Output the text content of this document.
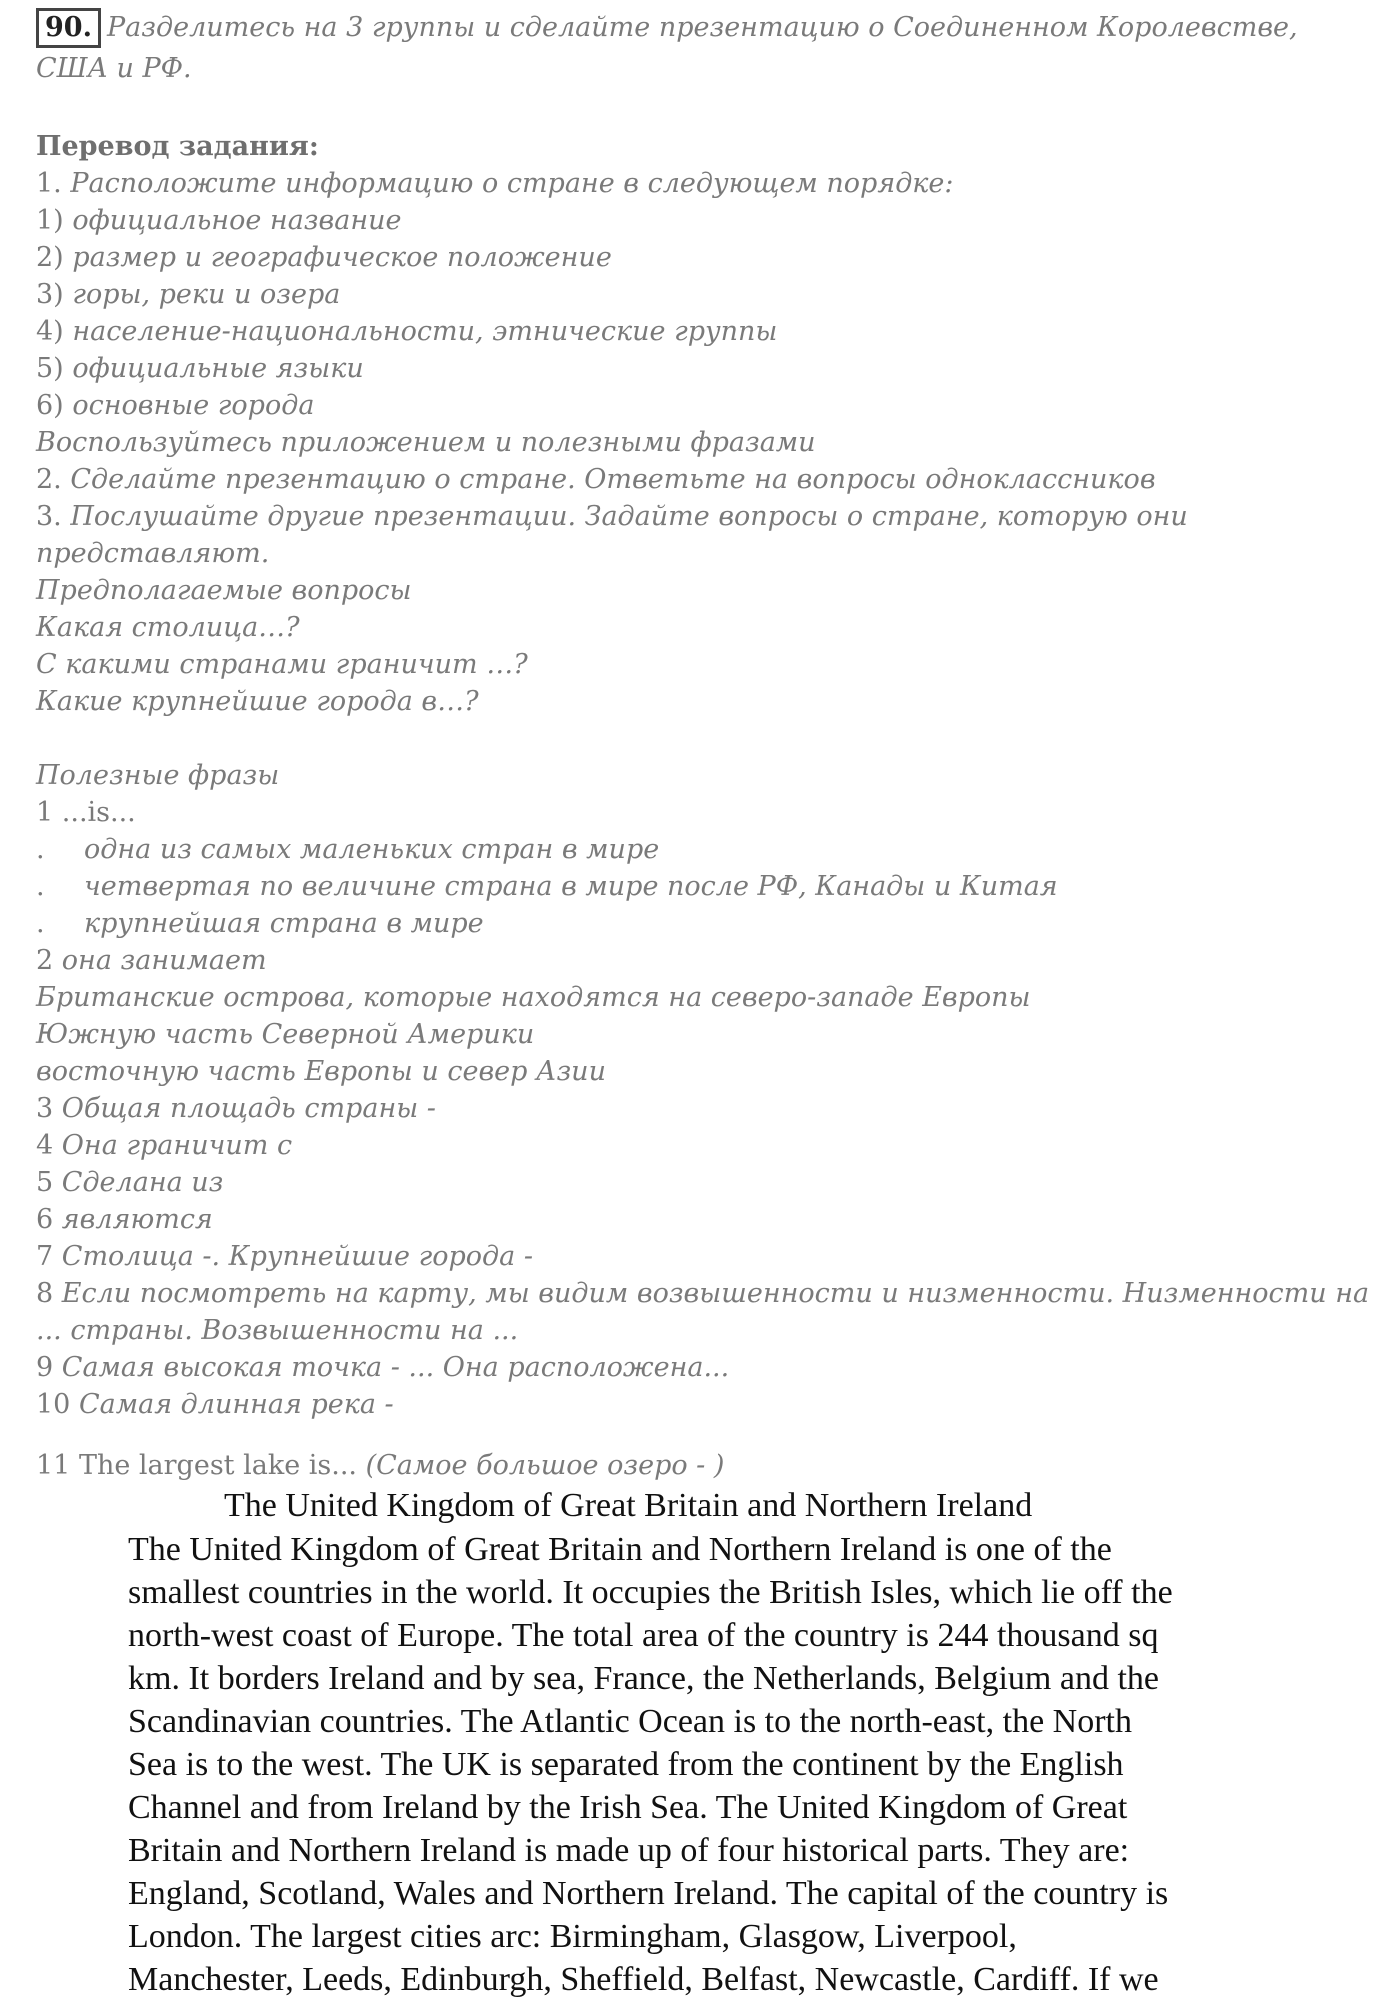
90. Разделитесь на 3 группы и сделайте презентацию о Соединенном Королевстве,
США и РФ.
Перевод задания:
1. Расположите информацию о стране в следующем порядке:
1) официальное название
2) размер и географическое положение
3) горы, реки и озера
4) население-национальности, этнические группы
5) официальные языки
6) основные города
Воспользуйтесь приложением и полезными фразами
2. Сделайте презентацию о стране. Ответьте на вопросы одноклассников
3. Послушайте другие презентации. Задайте вопросы о стране, которую они
представляют.
Предполагаемые вопросы
Какая столица…?
С какими странами граничит …?
Какие крупнейшие города в…?
Полезные фразы
1 ...is...
. одна из самых маленьких стран в мире
. четвертая по величине страна в мире после РФ, Канады и Китая
. крупнейшая страна в мире
2 она занимает
Британские острова, которые находятся на северо-западе Европы
Южную часть Северной Америки
восточную часть Европы и север Азии
3 Общая площадь страны -
4 Она граничит с
5 Сделана из
6 являются
7 Столица -. Крупнейшие города -
8 Если посмотреть на карту, мы видим возвышенности и низменности. Низменности на
... страны. Возвышенности на ...
9 Самая высокая точка - ... Она расположена...
10 Самая длинная река -
11 The largest lake is... (Самое большое озеро - )
The United Kingdom of Great Britain and Northern Ireland
The United Kingdom of Great Britain and Northern Ireland is one of the
smallest countries in the world. It occupies the British Isles, which lie off the
north-west coast of Europe. The total area of the country is 244 thousand sq
km. It borders Ireland and by sea, France, the Netherlands, Belgium and the
Scandinavian countries. The Atlantic Ocean is to the north-east, the North
Sea is to the west. The UK is separated from the continent by the English
Channel and from Ireland by the Irish Sea. The United Kingdom of Great
Britain and Northern Ireland is made up of four historical parts. They are:
England, Scotland, Wales and Northern Ireland. The capital of the country is
London. The largest cities arc: Birmingham, Glasgow, Liverpool,
Manchester, Leeds, Edinburgh, Sheffield, Belfast, Newcastle, Cardiff. If we
